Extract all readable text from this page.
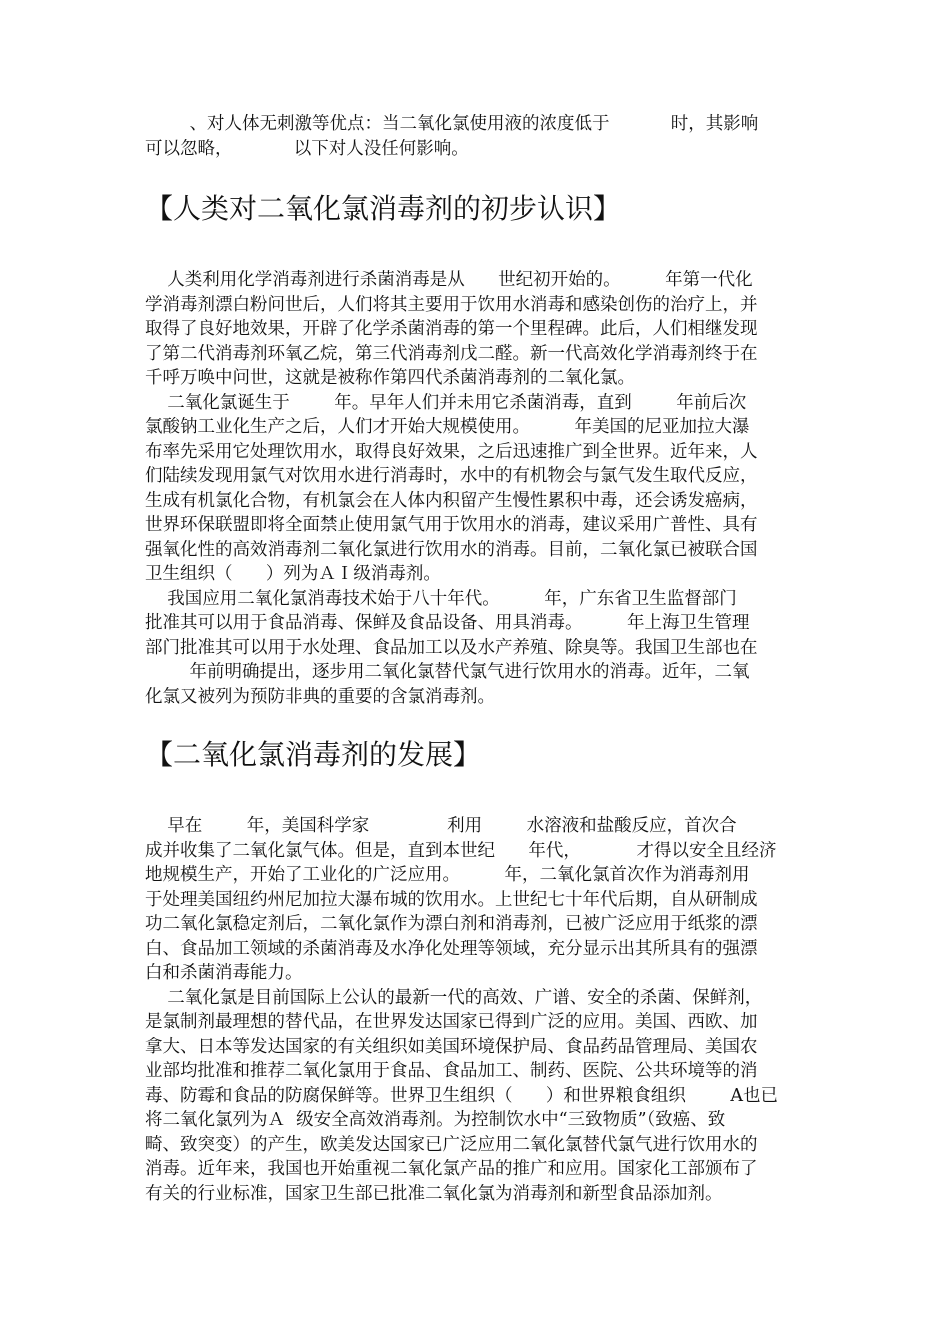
、对人体无刺激等优点：当二氧化氯使用液的浓度低于           时，其影响

可以忽略，           以下对人没任何影响。

【人类对二氧化氯消毒剂的初步认识】

人类利用化学消毒剂进行杀菌消毒是从      世纪初开始的。        年第一代化

学消毒剂漂白粉问世后，人们将其主要用于饮用水消毒和感染创伤的治疗上，并

取得了良好地效果，开辟了化学杀菌消毒的第一个里程碑。此后，人们相继发现

了第二代消毒剂环氧乙烷，第三代消毒剂戊二醛。新一代高效化学消毒剂终于在

千呼万唤中问世，这就是被称作第四代杀菌消毒剂的二氧化氯。

二氧化氯诞生于        年。早年人们并未用它杀菌消毒，直到        年前后次

氯酸钠工业化生产之后，人们才开始大规模使用。        年美国的尼亚加拉大瀑

布率先采用它处理饮用水，取得良好效果，之后迅速推广到全世界。近年来，人

们陆续发现用氯气对饮用水进行消毒时，水中的有机物会与氯气发生取代反应，

生成有机氯化合物，有机氯会在人体内积留产生慢性累积中毒，还会诱发癌病，

世界环保联盟即将全面禁止使用氯气用于饮用水的消毒，建议采用广普性、具有

强氧化性的高效消毒剂二氧化氯进行饮用水的消毒。目前，二氧化氯已被联合国

卫生组织（      ）列为ＡＩ级消毒剂。

我国应用二氧化氯消毒技术始于八十年代。        年，广东省卫生监督部门

批准其可以用于食品消毒、保鲜及食品设备、用具消毒。        年上海卫生管理

部门批准其可以用于水处理、食品加工以及水产养殖、除臭等。我国卫生部也在

年前明确提出，逐步用二氧化氯替代氯气进行饮用水的消毒。近年，二氧

化氯又被列为预防非典的重要的含氯消毒剂。

【二氧化氯消毒剂的发展】

早在        年，美国科学家              利用        水溶液和盐酸反应，首次合

成并收集了二氧化氯气体。但是，直到本世纪      年代，          才得以安全且经济

地规模生产，开始了工业化的广泛应用。        年，二氧化氯首次作为消毒剂用

于处理美国纽约州尼加拉大瀑布城的饮用水。上世纪七十年代后期，自从研制成

功二氧化氯稳定剂后，二氧化氯作为漂白剂和消毒剂，已被广泛应用于纸浆的漂

白、食品加工领域的杀菌消毒及水净化处理等领域，充分显示出其所具有的强漂

白和杀菌消毒能力。

二氧化氯是目前国际上公认的最新一代的高效、广谱、安全的杀菌、保鲜剂，

是氯制剂最理想的替代品，在世界发达国家已得到广泛的应用。美国、西欧、加

拿大、日本等发达国家的有关组织如美国环境保护局、食品药品管理局、美国农

业部均批准和推荐二氧化氯用于食品、食品加工、制药、医院、公共环境等的消

毒、防霉和食品的防腐保鲜等。世界卫生组织（      ）和世界粮食组织        A也已

将二氧化氯列为Ａ  级安全高效消毒剂。为控制饮水中“三致物质”（致癌、致

畸、致突变）的产生，欧美发达国家已广泛应用二氧化氯替代氯气进行饮用水的

消毒。近年来，我国也开始重视二氧化氯产品的推广和应用。国家化工部颁布了

有关的行业标准，国家卫生部已批准二氧化氯为消毒剂和新型食品添加剂。
